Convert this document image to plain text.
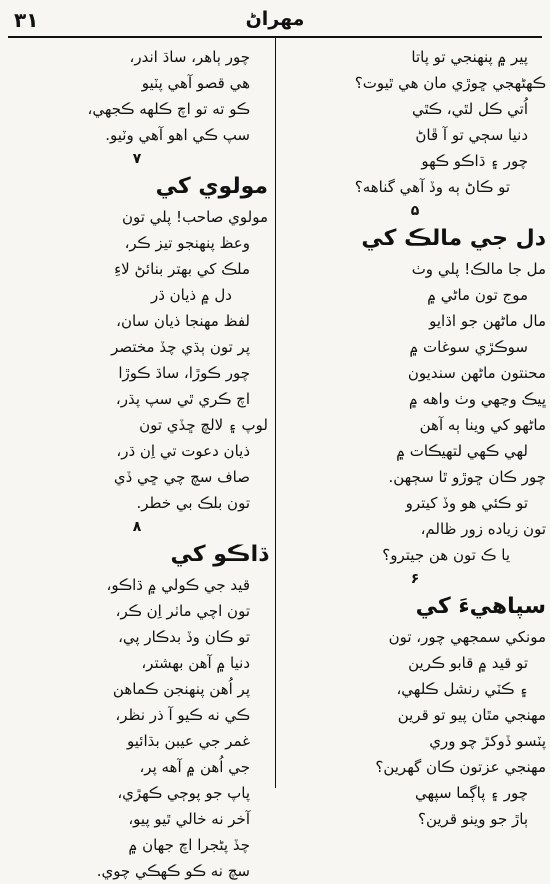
۳۱	مهراڻ
پير ۾ پنهنجي تو پاتا
ڪهڻهجي ڇوڙي مان هي ٿيوت؟
اُتي ڪل لٿي، ڪٿي
دنيا سڄي تو آ ڦاڻ
چور ۽ ڌاڪو ڪهو
تو ڪاڻ ٻه وڏ آهي گناهه؟
۵
دل جي مالڪ کي
مل جا مالڪ! پلي وٺ
موج تون ماڻي ۾
مال ماڻهن جو اڌايو
سوڪڙي سوغات ۾
محنتون ماڻهن سنديون
ڀيڪ وڃهي وٺ واهه ۾
ماڻهو کي وينا ٻه آهن
لهي ڪهي لتهيڪات ۾
چور ڪان ڇوڙو ٿا سڄهن.
تو ڪئي هو وڏ کيترو
تون زياده زور ظالم،
يا ڪ تون هن جيترو؟
۶
سپاهيءَ کي
مونکي سمجهي چور، تون
تو قيد ۾ قابو ڪرين
۽ ڪٽي رنشل ڪلهي،
مهنجي مٿان پيو تو قرين
پٽسو ڏوکڙ چو وري
مهنجي عزتون ڪان گهرين؟
چور ۽ پاڳما سپهي
ٻاڙ جو وينو قرين؟
چور ٻاهر، ساڌ اندر،
هي قصو آهي پٽيو
ڪو ته تو اچ ڪلهه ڪجهي،
سپ ڪي اهو آهي وٽيو.
۷
مولوي کي
مولوي صاحب! پلي تون
وعظ پنهنجو تيز ڪر،
ملڪ کي بهتر بنائڻ لاءِ
دل ۾ ذيان ڌر
لفظ مهنجا ذيان سان،
پر تون ٻڌي چڏ مختصر
چور ڪوڙا، ساڌ ڪوڙا
اچ ڪري ٿي سپ پڌر،
لوپ ۽ لالچ ڇڏي تون
ذيان دعوت تي اِن ڌر،
صاف سچ چي ڇي ڏي
تون بلڪ بي خطر.
۸
ڌاڪو کي
قيد جي ڪولي ۾ ڌاڪو،
تون اچي ماٺر اِن ڪر،
تو ڪان وڏ بدڪار پي،
دنيا ۾ آهن بهشتر،
پر اُهن پنهنجن ڪماهن
ڪي نه ڪيو آ ذر نظر،
غمر جي عيبن بڌائيو
جي اُهن ۾ آهه پر،
پاپ جو پوڄي ڪهڙي،
آخر نه خالي ٿيو پيو،
چڏ پڻجرا اچ جهان ۾
سچ نه ڪو ڪهڪي چوي.
